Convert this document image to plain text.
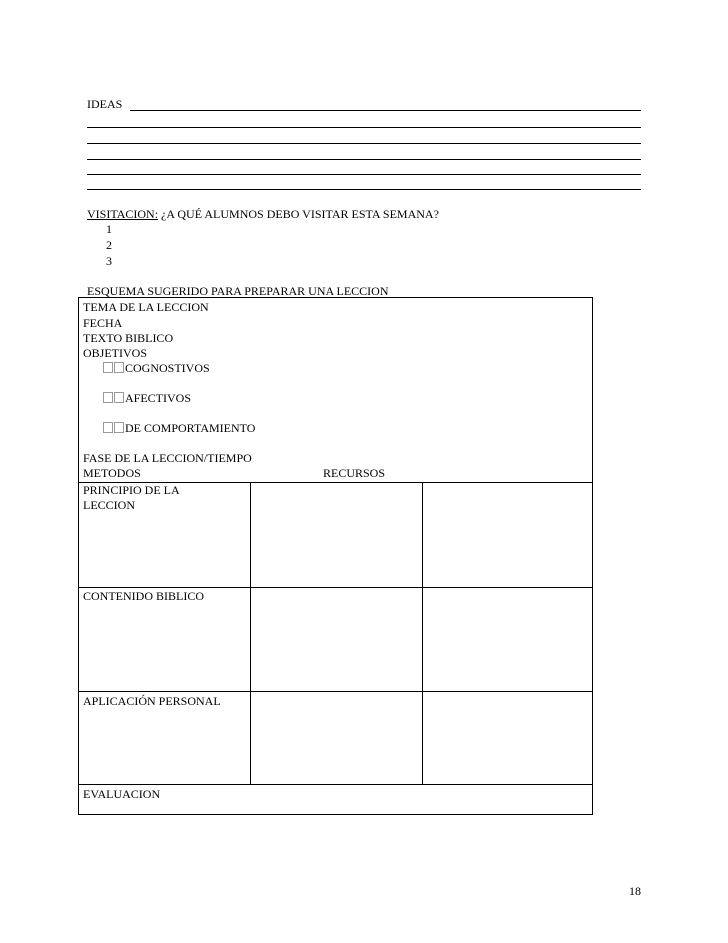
IDEAS
VISITACION: ¿A QUÉ ALUMNOS DEBO VISITAR ESTA SEMANA?
1
2
3
ESQUEMA SUGERIDO PARA PREPARAR UNA LECCION
TEMA DE LA LECCION
FECHA
TEXTO BIBLICO
OBJETIVOS
COGNOSTIVOS
AFECTIVOS
DE COMPORTAMIENTO
FASE DE LA LECCION/TIEMPO
METODOS	RECURSOS
PRINCIPIO DE LA
LECCION
CONTENIDO BIBLICO
APLICACIÓN PERSONAL
EVALUACION
18
